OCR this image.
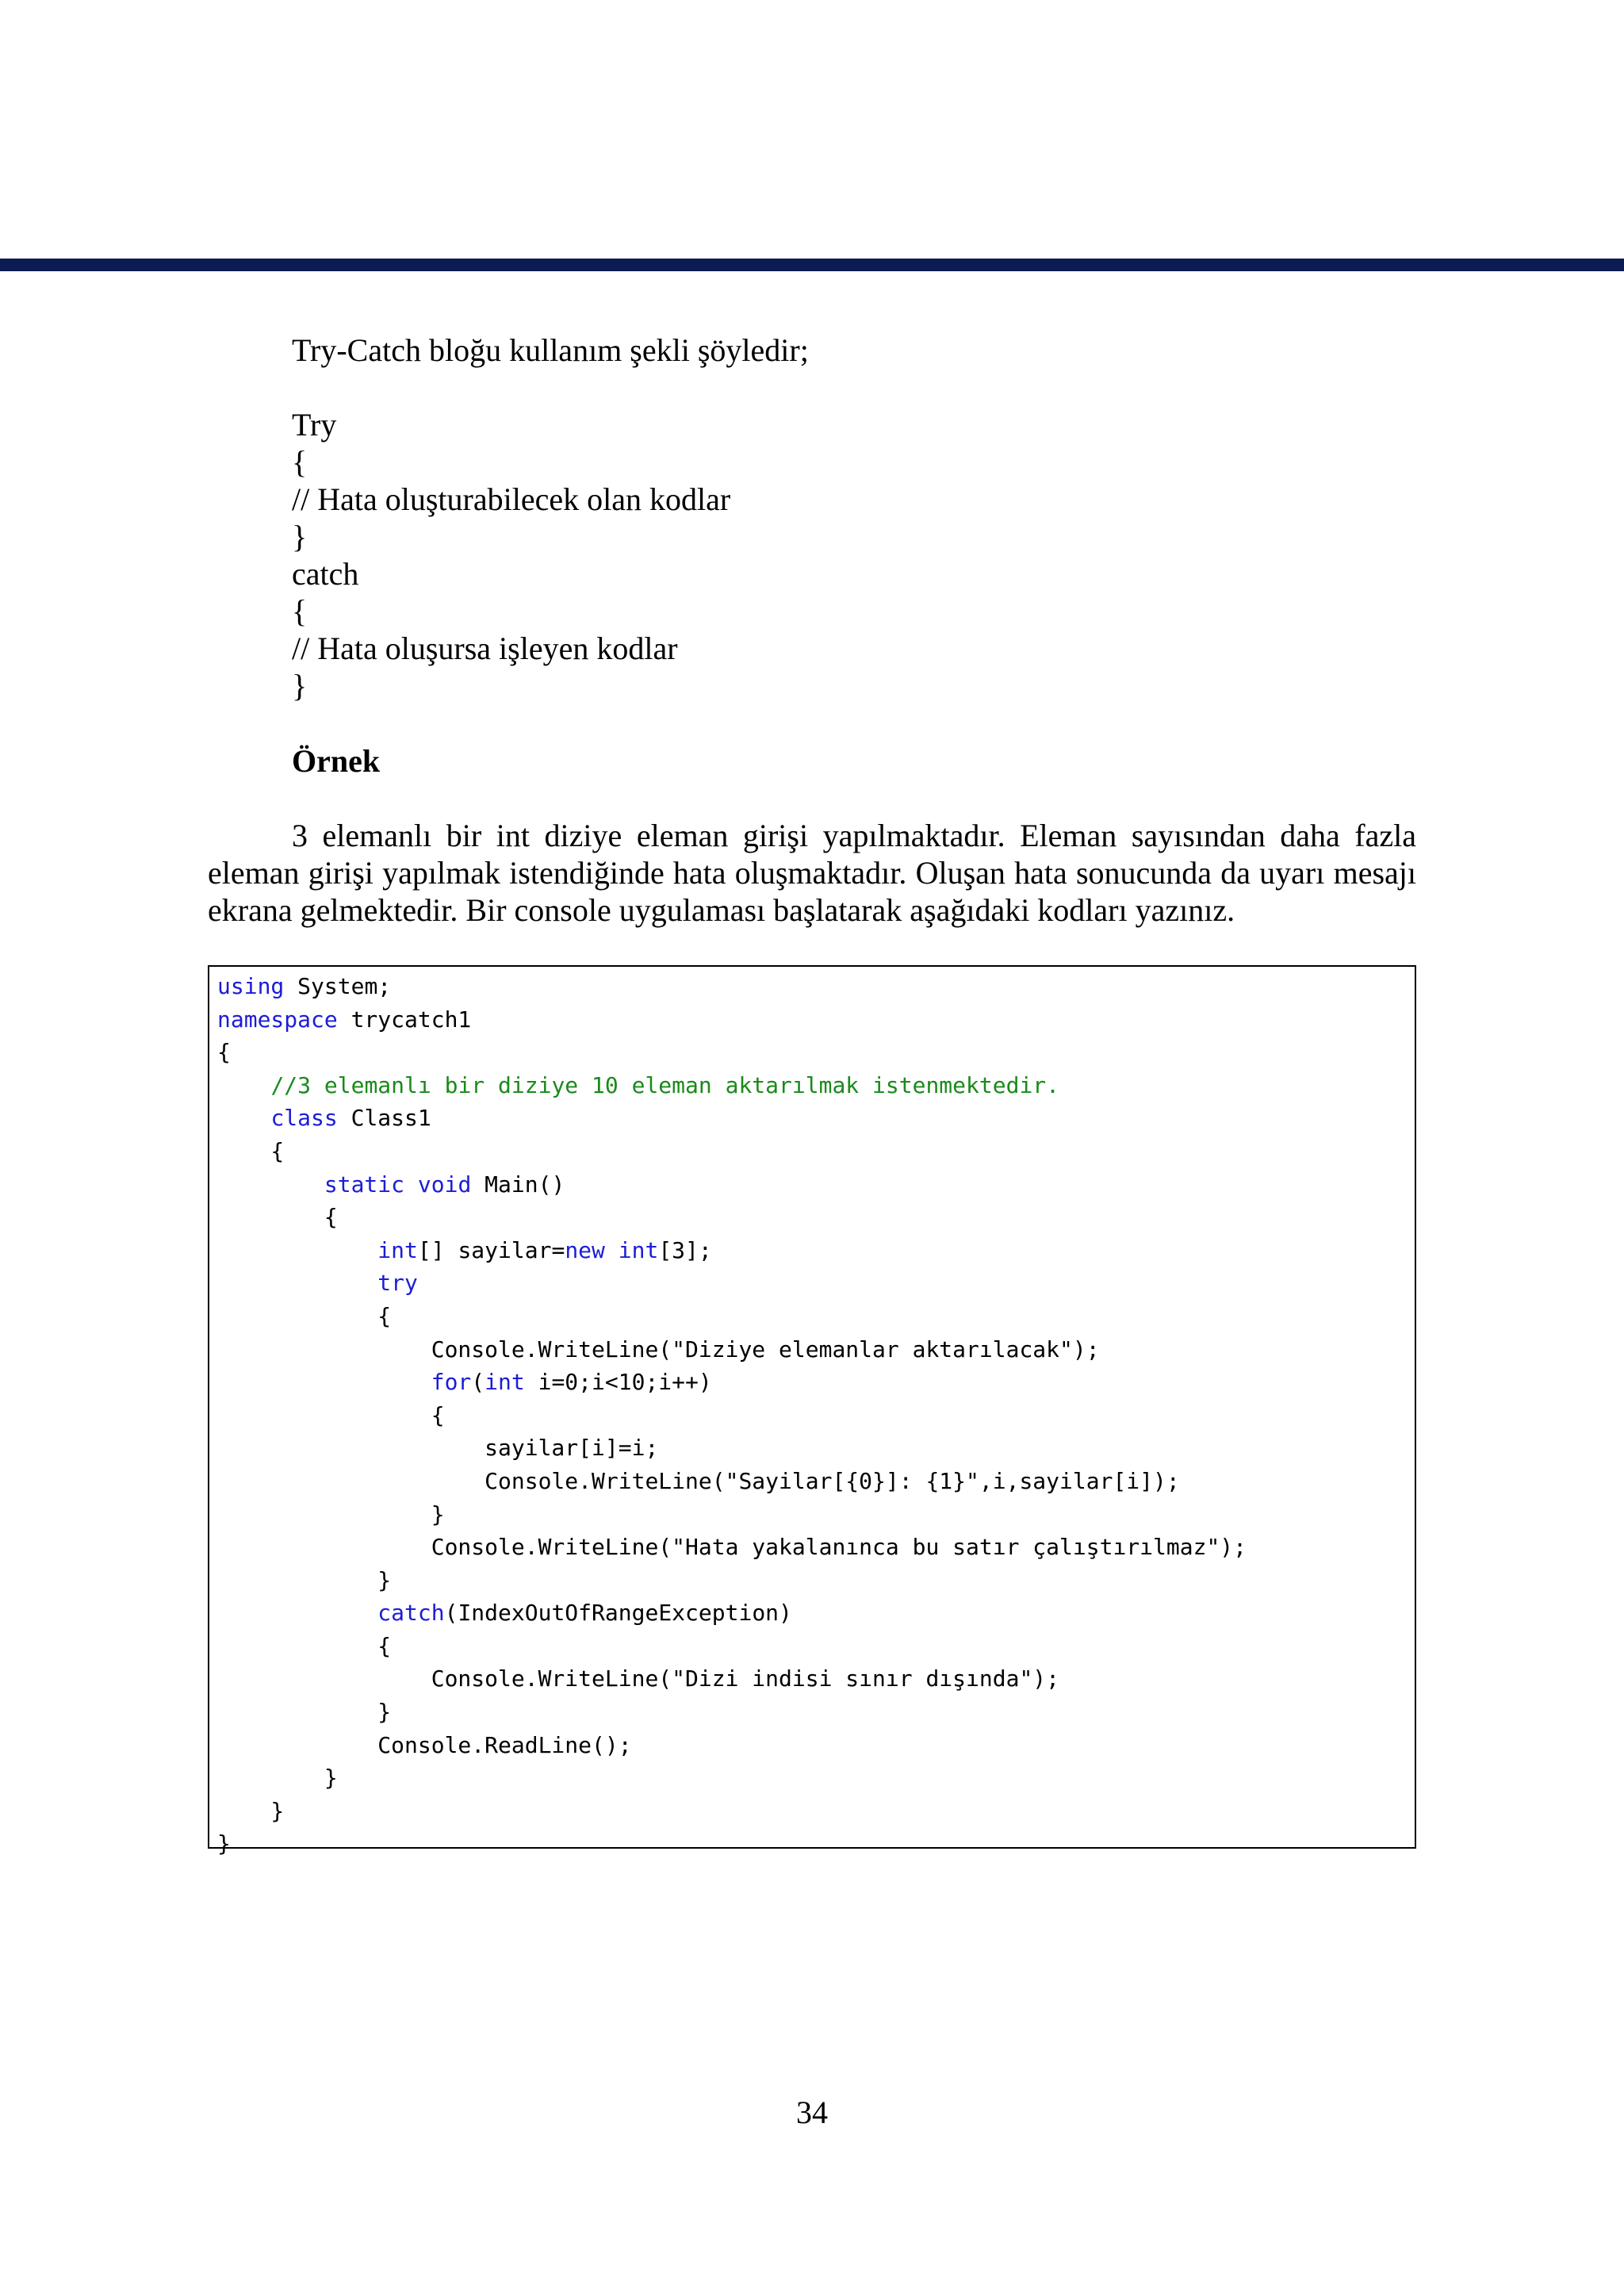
Try-Catch bloğu kullanım şekli şöyledir;
Try
{
// Hata oluşturabilecek olan kodlar
}
catch
{
// Hata oluşursa işleyen kodlar
}
Örnek
3 elemanlı bir int diziye eleman girişi yapılmaktadır. Eleman sayısından daha fazla eleman girişi yapılmak istendiğinde hata oluşmaktadır. Oluşan hata sonucunda da uyarı mesajı ekrana gelmektedir. Bir console uygulaması başlatarak aşağıdaki kodları yazınız.
using System;
namespace trycatch1
{
//3 elemanlı bir diziye 10 eleman aktarılmak istenmektedir.
class Class1
{
static void Main()
{
int[] sayilar=new int[3];
try
{
Console.WriteLine("Diziye elemanlar aktarılacak");
for(int i=0;i<10;i++)
{
sayilar[i]=i;
Console.WriteLine("Sayilar[{0}]: {1}",i,sayilar[i]);
}
Console.WriteLine("Hata yakalanınca bu satır çalıştırılmaz");
}
catch(IndexOutOfRangeException)
{
Console.WriteLine("Dizi indisi sınır dışında");
}
Console.ReadLine();
}
}
}
34
